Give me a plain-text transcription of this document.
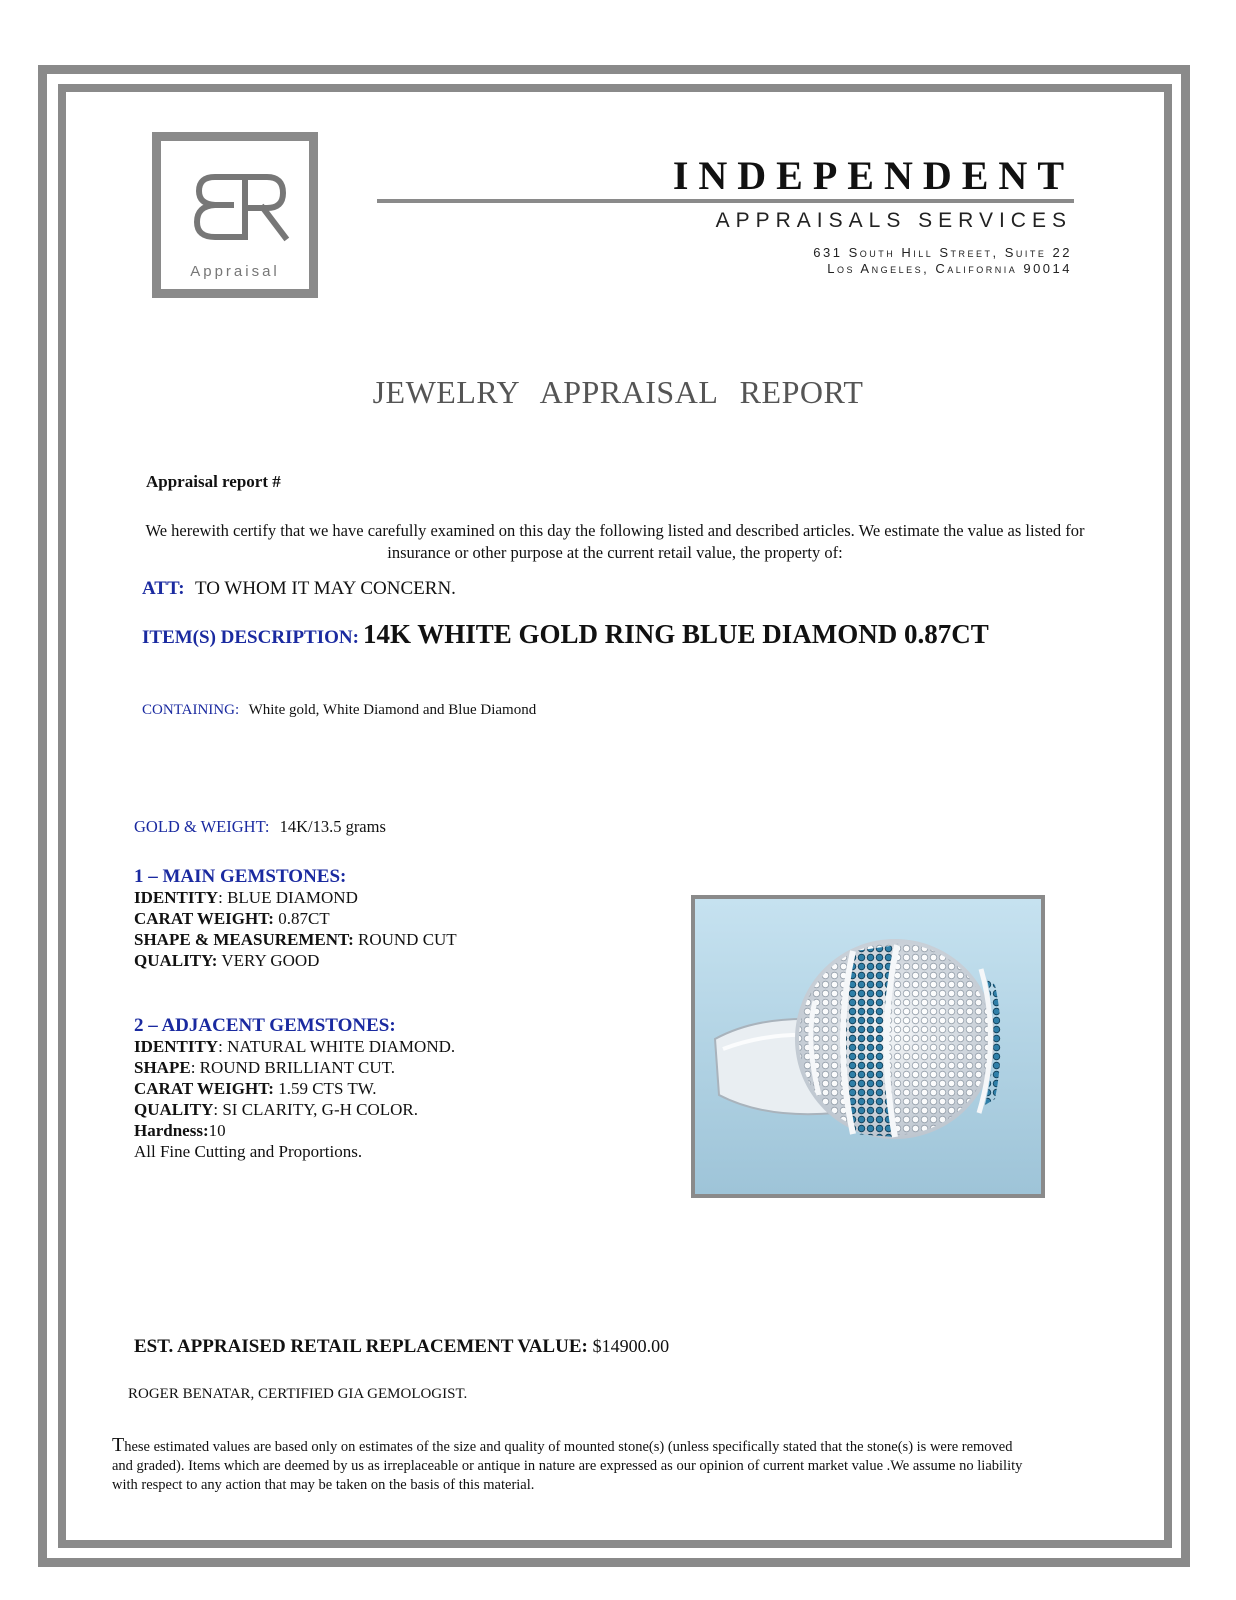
Appraisal
INDEPENDENT
APPRAISALS SERVICES
631 South Hill Street, Suite 22
Los Angeles, California 90014
JEWELRY APPRAISAL REPORT
Appraisal report #
We herewith certify that we have carefully examined on this day the following listed and described articles. We estimate the value as listed for insurance or other purpose at the current retail value, the property of:
ATT: TO WHOM IT MAY CONCERN.
ITEM(S) DESCRIPTION: 14K WHITE GOLD RING BLUE DIAMOND 0.87CT
CONTAINING: White gold, White Diamond and Blue Diamond
GOLD & WEIGHT: 14K/13.5 grams
1 – MAIN GEMSTONES:
IDENTITY: BLUE DIAMOND
CARAT WEIGHT: 0.87CT
SHAPE & MEASUREMENT: ROUND CUT
QUALITY: VERY GOOD
2 – ADJACENT GEMSTONES:
IDENTITY: NATURAL WHITE DIAMOND.
SHAPE: ROUND BRILLIANT CUT.
CARAT WEIGHT: 1.59 CTS TW.
QUALITY: SI CLARITY, G-H COLOR.
Hardness:10
All Fine Cutting and Proportions.
EST. APPRAISED RETAIL REPLACEMENT VALUE: $14900.00
ROGER BENATAR, CERTIFIED GIA GEMOLOGIST.
These estimated values are based only on estimates of the size and quality of mounted stone(s) (unless specifically stated that the stone(s) is were removed and graded). Items which are deemed by us as irreplaceable or antique in nature are expressed as our opinion of current market value .We assume no liability with respect to any action that may be taken on the basis of this material.
